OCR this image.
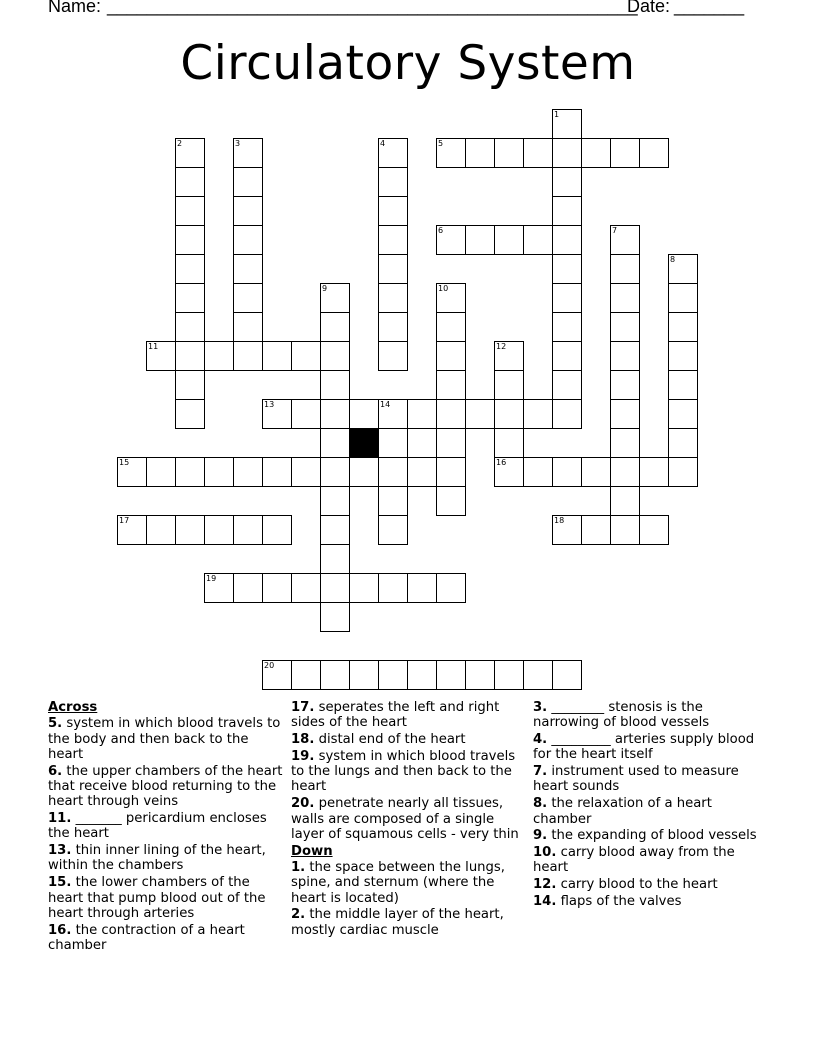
Name: _____________________________________________________
Date: _______
Circulatory System
5
6
11
13	14
15	16
17	18
19
20
1
2	3	4
7
8
9	10
12
Across
5. system in which blood travels to the body and then back to the heart
6. the upper chambers of the heart that receive blood returning to the heart through veins
11. _______ pericardium encloses the heart
13. thin inner lining of the heart, within the chambers
15. the lower chambers of the heart that pump blood out of the heart through arteries
16. the contraction of a heart chamber
17. seperates the left and right sides of the heart
18. distal end of the heart
19. system in which blood travels to the lungs and then back to the heart
20. penetrate nearly all tissues, walls are composed of a single layer of squamous cells - very thin
Down
1. the space between the lungs, spine, and sternum (where the heart is located)
2. the middle layer of the heart, mostly cardiac muscle
3. ________ stenosis is the narrowing of blood vessels
4. _________ arteries supply blood for the heart itself
7. instrument used to measure heart sounds
8. the relaxation of a heart chamber
9. the expanding of blood vessels
10. carry blood away from the heart
12. carry blood to the heart
14. flaps of the valves
